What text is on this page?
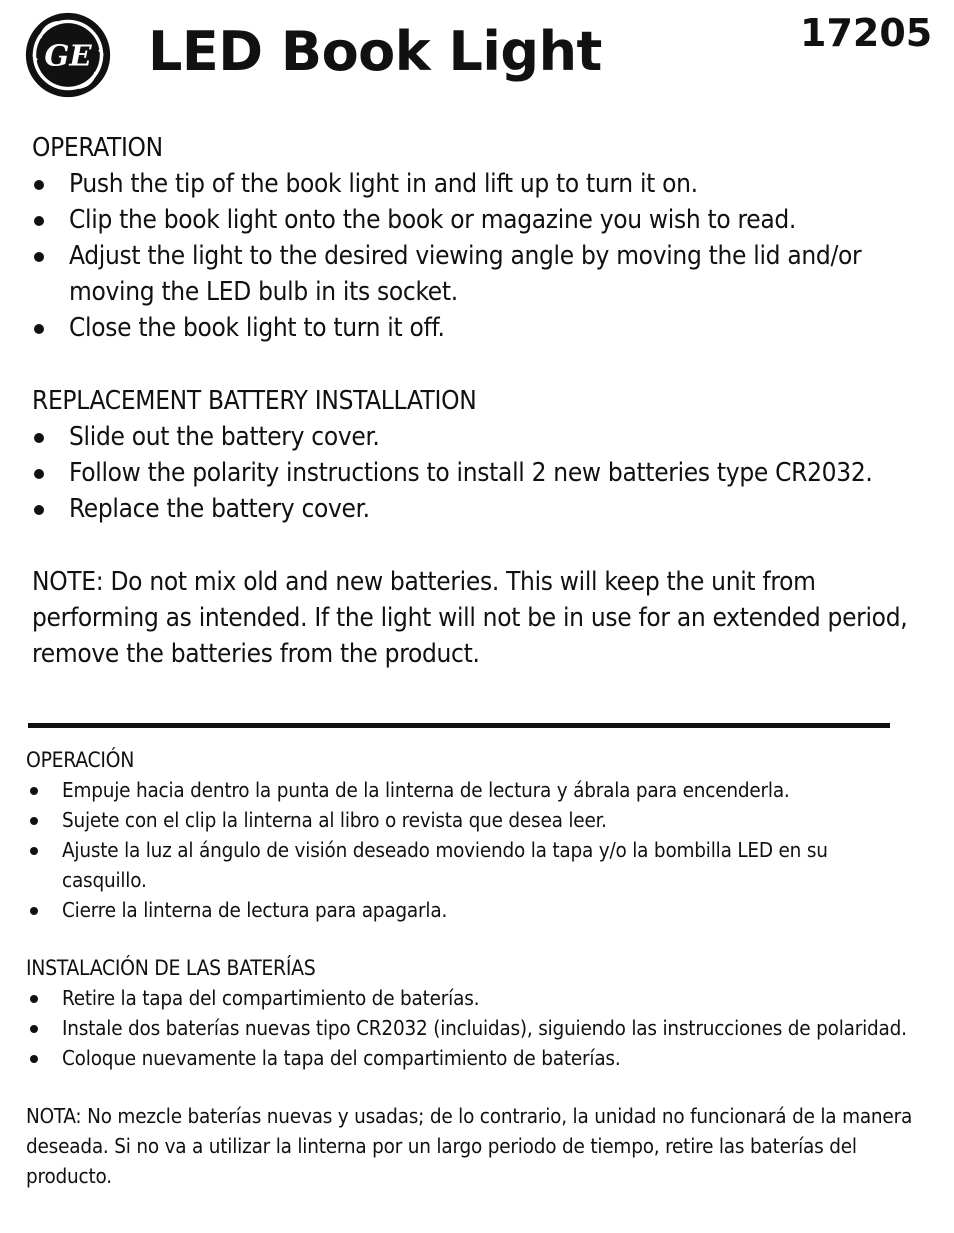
GE LED Book Light	17205
OPERATION
Push the tip of the book light in and lift up to turn it on.
Clip the book light onto the book or magazine you wish to read.
Adjust the light to the desired viewing angle by moving the lid and/or moving the LED bulb in its socket.
Close the book light to turn it off.
REPLACEMENT BATTERY INSTALLATION
Slide out the battery cover.
Follow the polarity instructions to install 2 new batteries type CR2032.
Replace the battery cover.
NOTE: Do not mix old and new batteries. This will keep the unit from performing as intended. If the light will not be in use for an extended period, remove the batteries from the product.
OPERACIÓN
Empuje hacia dentro la punta de la linterna de lectura y ábrala para encenderla.
Sujete con el clip la linterna al libro o revista que desea leer.
Ajuste la luz al ángulo de visión deseado moviendo la tapa y/o la bombilla LED en su casquillo.
Cierre la linterna de lectura para apagarla.
INSTALACIÓN DE LAS BATERÍAS
Retire la tapa del compartimiento de baterías.
Instale dos baterías nuevas tipo CR2032 (incluidas), siguiendo las instrucciones de polaridad.
Coloque nuevamente la tapa del compartimiento de baterías.
NOTA: No mezcle baterías nuevas y usadas; de lo contrario, la unidad no funcionará de la manera deseada. Si no va a utilizar la linterna por un largo periodo de tiempo, retire las baterías del producto.
